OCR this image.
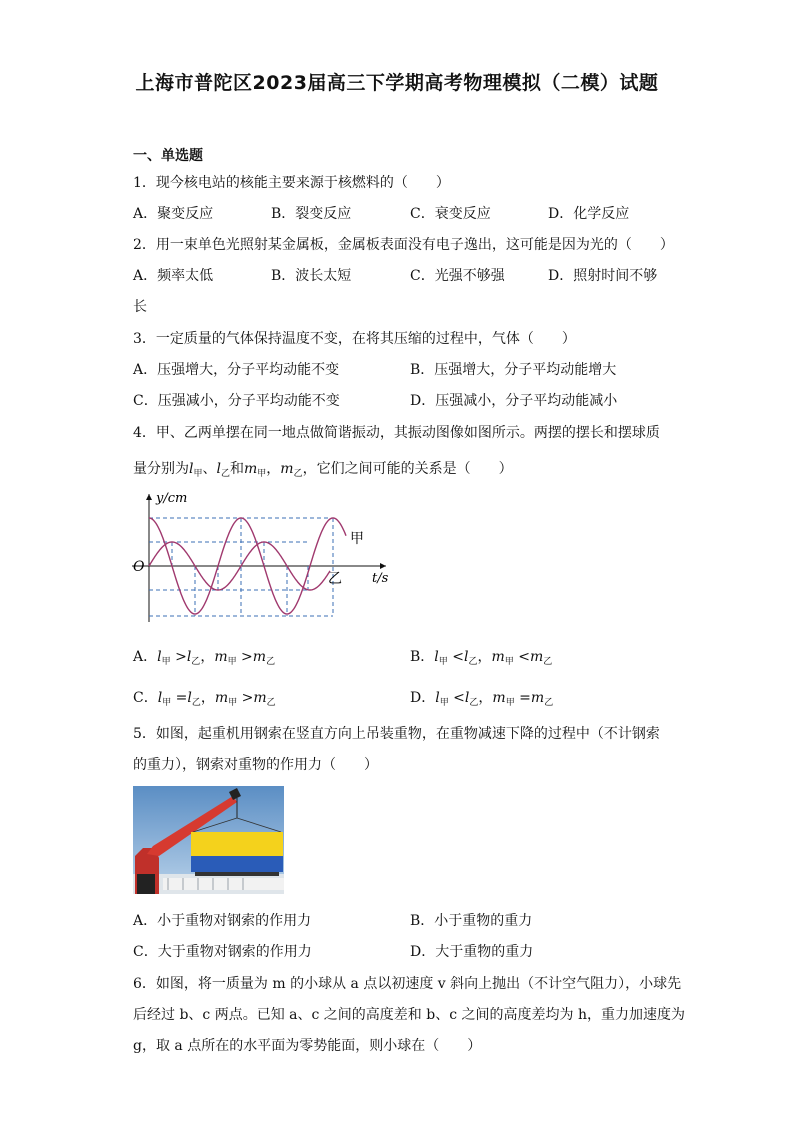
上海市普陀区2023届高三下学期高考物理模拟（二模）试题
一、单选题
1．现今核电站的核能主要来源于核燃料的（　　）
A．聚变反应	B．裂变反应	C．衰变反应	D．化学反应
2．用一束单色光照射某金属板，金属板表面没有电子逸出，这可能是因为光的（　　）
A．频率太低	B．波长太短	C．光强不够强	D．照射时间不够
长
3．一定质量的气体保持温度不变，在将其压缩的过程中，气体（　　）
A．压强增大，分子平均动能不变	B．压强增大，分子平均动能增大
C．压强减小，分子平均动能不变	D．压强减小，分子平均动能减小
4．甲、乙两单摆在同一地点做简谐振动，其振动图像如图所示。两摆的摆长和摆球质
量分别为$l_甲$、$l_乙$和$m_甲$，$m_乙$，它们之间可能的关系是（　　）
y/cm
O
t/s
甲
乙
A．$l_甲 >l_乙$，$m_甲 >m_乙$	B．$l_甲 <l_乙$，$m_甲 <m_乙$
C．$l_甲 =l_乙$，$m_甲 >m_乙$	D．$l_甲 <l_乙$，$m_甲 =m_乙$
5．如图，起重机用钢索在竖直方向上吊装重物，在重物减速下降的过程中（不计钢索
的重力），钢索对重物的作用力（　　）
A．小于重物对钢索的作用力	B．小于重物的重力
C．大于重物对钢索的作用力	D．大于重物的重力
6．如图，将一质量为 m 的小球从 a 点以初速度 v 斜向上抛出（不计空气阻力），小球先
后经过 b、c 两点。已知 a、c 之间的高度差和 b、c 之间的高度差均为 h，重力加速度为
g，取 a 点所在的水平面为零势能面，则小球在（　　）
